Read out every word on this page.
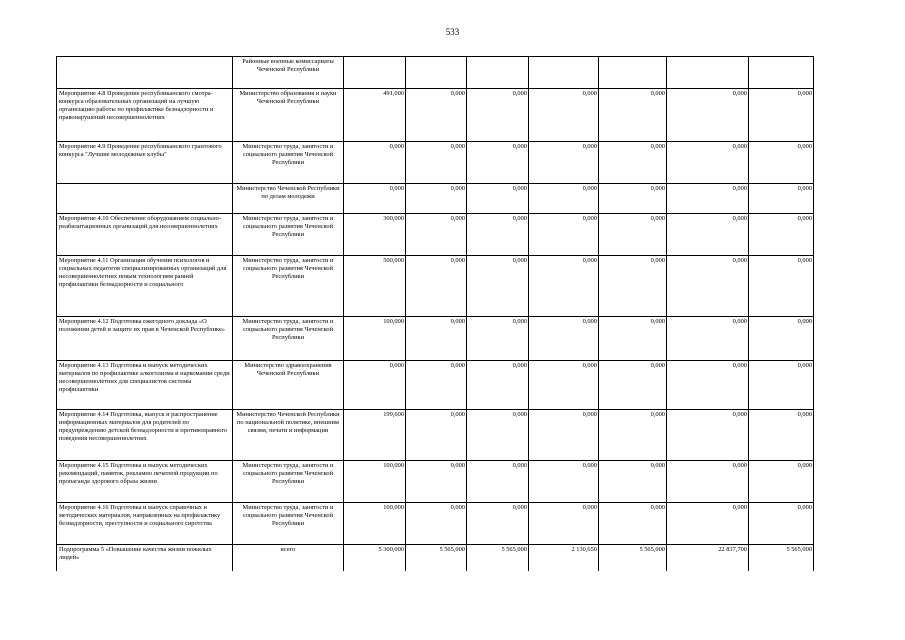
533
	Районные военные комиссариаты Чеченской Республики							
Мероприятие 4.8 Проведение республиканского смотра- конкурса образовательных организаций на лучшую организацию работы по профилактике безнадзорности и правонарушений несовершеннолетних	Министерство образования и науки Чеченской Республики	491,000	0,000	0,000	0,000	0,000	0,000	0,000
Мероприятие 4.9 Проведение республиканского грантового конкурса "Лучшие молодежные клубы"	Министерство труда, занятости и социального развития Чеченской Республики	0,000	0,000	0,000	0,000	0,000	0,000	0,000
	Министерство Чеченской Республики по делам молодежи	0,000	0,000	0,000	0,000	0,000	0,000	0,000
Мероприятие 4.10 Обеспечение оборудованием социально- реабилитационных организаций для несовершеннолетних	Министерство труда, занятости и социального развития Чеченской Республики	300,000	0,000	0,000	0,000	0,000	0,000	0,000
Мероприятие 4.11 Организация обучения психологов и социальных педагогов специализированных организаций для несовершеннолетних новым технологиям ранней профилактики безнадзорности и социального	Министерство труда, занятости и социального развития Чеченской Республики	500,000	0,000	0,000	0,000	0,000	0,000	0,000
Мероприятие 4.12 Подготовка ежегодного доклада «О положении детей и защите их прав в Чеченской Республике»	Министерство труда, занятости и социального развития Чеченской Республики	100,000	0,000	0,000	0,000	0,000	0,000	0,000
Мероприятие 4.13 Подготовка и выпуск методических материалов по профилактике алкоголизма и наркомании среди несовершеннолетних для специалистов системы профилактики	Министерство здравоохранения Чеченской Республики	0,000	0,000	0,000	0,000	0,000	0,000	0,000
Мероприятие 4.14 Подготовка, выпуск и распространение информационных материалов для родителей по предупреждению детской безнадзорности и противоправного поведения несовершеннолетних	Министерство Чеченской Республики по национальной политике, внешним связям, печати и информации	199,600	0,000	0,000	0,000	0,000	0,000	0,000
Мероприятие 4.15 Подготовка и выпуск методических рекомендаций, памяток, рекламно печатной продукции по пропаганде здорового образа жизни	Министерство труда, занятости и социального развития Чеченской Республики	100,000	0,000	0,000	0,000	0,000	0,000	0,000
Мероприятие 4.16 Подготовка и выпуск справочных и методических материалов, направленных на профилактику безнадзорности, преступности и социального сиротства	Министерство труда, занятости и социального развития Чеченской Республики	100,000	0,000	0,000	0,000	0,000	0,000	0,000
Подпрограмма 5 «Повышение качества жизни пожилых людей»	всего	5 300,000	5 565,000	5 565,000	2 130,650	5 565,000	22 837,700	5 565,000
